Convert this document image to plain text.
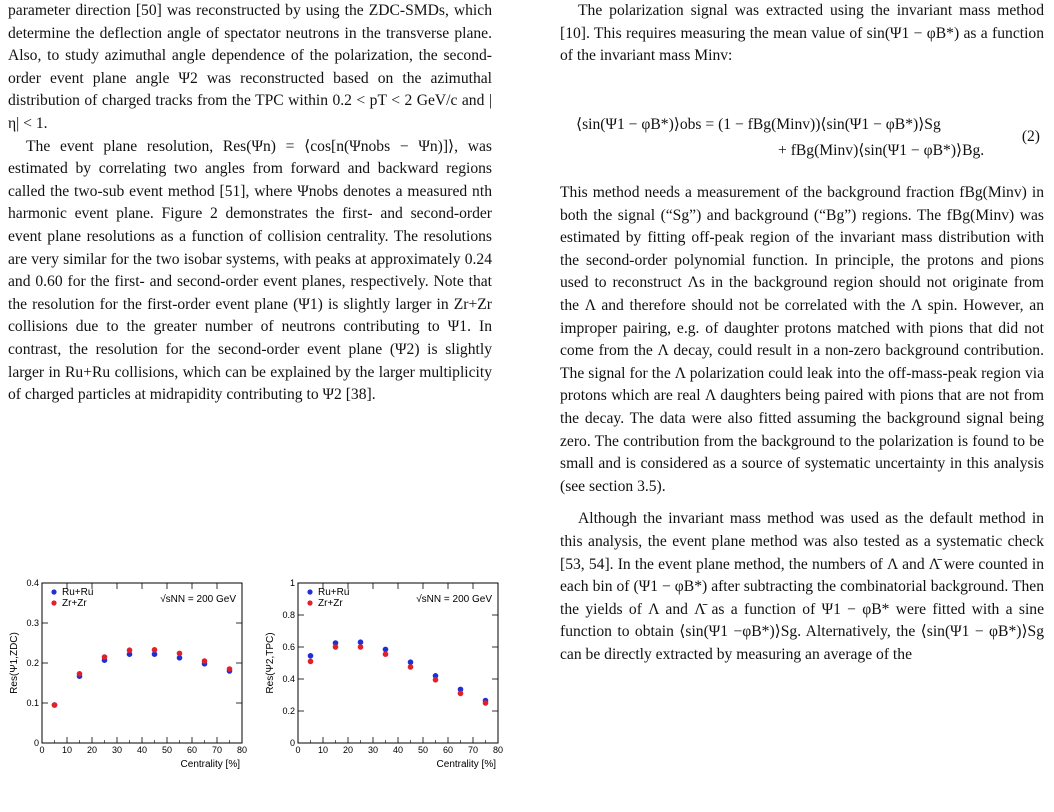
parameter direction [50] was reconstructed by using the ZDC-SMDs, which determine the deflection angle of spectator neutrons in the transverse plane. Also, to study azimuthal angle dependence of the polarization, the second-order event plane angle Ψ2 was reconstructed based on the azimuthal distribution of charged tracks from the TPC within 0.2 < pT < 2 GeV/c and |η| < 1.

The event plane resolution, Res(Ψn) = ⟨cos[n(Ψnobs − Ψn)]⟩, was estimated by correlating two angles from forward and backward regions called the two-sub event method [51], where Ψnobs denotes a measured nth harmonic event plane. Figure 2 demonstrates the first- and second-order event plane resolutions as a function of collision centrality. The resolutions are very similar for the two isobar systems, with peaks at approximately 0.24 and 0.60 for the first- and second-order event planes, respectively. Note that the resolution for the first-order event plane (Ψ1) is slightly larger in Zr+Zr collisions due to the greater number of neutrons contributing to Ψ1. In contrast, the resolution for the second-order event plane (Ψ2) is slightly larger in Ru+Ru collisions, which can be explained by the larger multiplicity of charged particles at midrapidity contributing to Ψ2 [38].

The polarization signal was extracted using the invariant mass method [10]. This requires measuring the mean value of sin(Ψ1 − φB*) as a function of the invariant mass Minv:

⟨sin(Ψ1 − φB*)⟩obs = (1 − fBg(Minv))⟨sin(Ψ1 − φB*)⟩Sg
+ fBg(Minv)⟨sin(Ψ1 − φB*)⟩Bg.
(2)

This method needs a measurement of the background fraction fBg(Minv) in both the signal (“Sg”) and background (“Bg”) regions. The fBg(Minv) was estimated by fitting off-peak region of the invariant mass distribution with the second-order polynomial function. In principle, the protons and pions used to reconstruct Λs in the background region should not originate from the Λ and therefore should not be correlated with the Λ spin. However, an improper pairing, e.g. of daughter protons matched with pions that did not come from the Λ decay, could result in a non-zero background contribution. The signal for the Λ polarization could leak into the off-mass-peak region via protons which are real Λ daughters being paired with pions that are not from the decay. The data were also fitted assuming the background signal being zero. The contribution from the background to the polarization is found to be small and is considered as a source of systematic uncertainty in this analysis (see section 3.5).

Although the invariant mass method was used as the default method in this analysis, the event plane method was also tested as a systematic check [53, 54]. In the event plane method, the numbers of Λ and Λ̄ were counted in each bin of (Ψ1 − φB*) after subtracting the combinatorial background. Then the yields of Λ and Λ̄ as a function of Ψ1 − φB* were fitted with a sine function to obtain ⟨sin(Ψ1 −φB*)⟩Sg. Alternatively, the ⟨sin(Ψ1 − φB*)⟩Sg can be directly extracted by measuring an average of the

0 10 20 30 40 50 60 70 80
0
0.1
0.2
0.3
0.4
Centrality [%]
Res(Ψ1,ZDC)
Ru+Ru
Zr+Zr	√sNN = 200 GeV
0 10 20 30 40 50 60 70 80
0
0.2
0.4
0.6
0.8
1
Centrality [%]
Res(Ψ2,TPC)
Ru+Ru
Zr+Zr	√sNN = 200 GeV
